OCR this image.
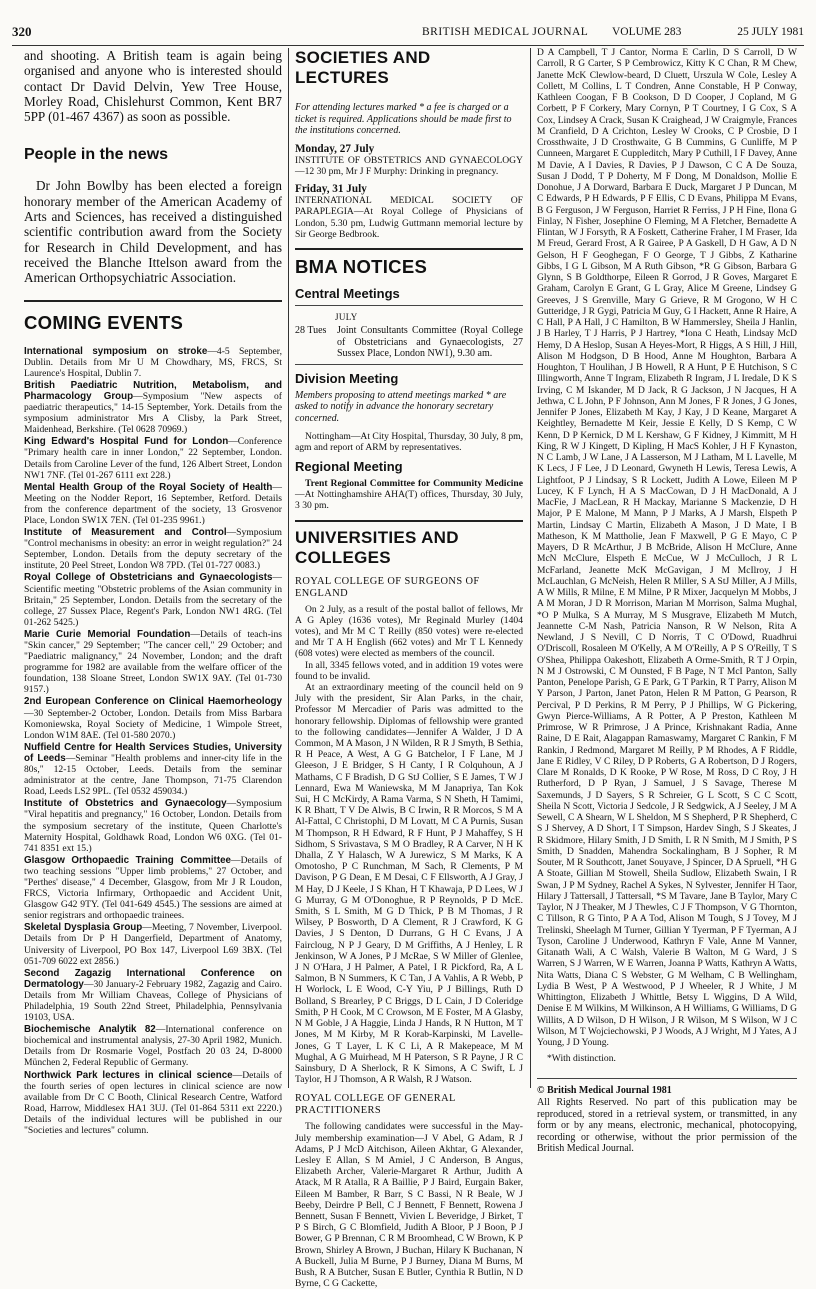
320	BRITISH MEDICAL JOURNAL VOLUME 283	25 JULY 1981

and shooting. A British team is again being organised and anyone who is interested should contact Dr David Delvin, Yew Tree House, Morley Road, Chislehurst Common, Kent BR7 5PP (01-467 4367) as soon as possible.

People in the news

Dr John Bowlby has been elected a foreign honorary member of the American Academy of Arts and Sciences, has received a distinguished scientific contribution award from the Society for Research in Child Development, and has received the Blanche Ittelson award from the American Orthopsychiatric Association.

COMING EVENTS

International symposium on stroke—4-5 September, Dublin. Details from Mr U M Chowdhary, MS, FRCS, St Laurence's Hospital, Dublin 7.

British Paediatric Nutrition, Metabolism, and Pharmacology Group—Symposium "New aspects of paediatric therapeutics," 14-15 September, York. Details from the symposium administrator Mrs A Clisby, la Park Street, Maidenhead, Berkshire. (Tel 0628 70969.)

King Edward's Hospital Fund for London—Conference "Primary health care in inner London," 22 September, London. Details from Caroline Lever of the fund, 126 Albert Street, London NW1 7NF. (Tel 01-267 6111 ext 228.)

Mental Health Group of the Royal Society of Health—Meeting on the Nodder Report, 16 September, Retford. Details from the conference department of the society, 13 Grosvenor Place, London SW1X 7EN. (Tel 01-235 9961.)

Institute of Measurement and Control—Symposium "Control mechanisms in obesity: an error in weight regulation?" 24 September, London. Details from the deputy secretary of the institute, 20 Peel Street, London W8 7PD. (Tel 01-727 0083.)

Royal College of Obstetricians and Gynaecologists—Scientific meeting "Obstetric problems of the Asian community in Britain," 25 September, London. Details from the secretary of the college, 27 Sussex Place, Regent's Park, London NW1 4RG. (Tel 01-262 5425.)

Marie Curie Memorial Foundation—Details of teach-ins "Skin cancer," 29 September; "The cancer cell," 29 October; and "Paediatric malignancy," 24 November, London; and the draft programme for 1982 are available from the welfare officer of the foundation, 138 Sloane Street, London SW1X 9AY. (Tel 01-730 9157.)

2nd European Conference on Clinical Haemorheology—30 September-2 October, London. Details from Miss Barbara Komoniewska, Royal Society of Medicine, 1 Wimpole Street, London W1M 8AE. (Tel 01-580 2070.)

Nuffield Centre for Health Services Studies, University of Leeds—Seminar "Health problems and inner-city life in the 80s," 12-15 October, Leeds. Details from the seminar administrator at the centre, Jane Thompson, 71-75 Clarendon Road, Leeds LS2 9PL. (Tel 0532 459034.)

Institute of Obstetrics and Gynaecology—Symposium "Viral hepatitis and pregnancy," 16 October, London. Details from the symposium secretary of the institute, Queen Charlotte's Maternity Hospital, Goldhawk Road, London W6 0XG. (Tel 01-741 8351 ext 15.)

Glasgow Orthopaedic Training Committee—Details of two teaching sessions "Upper limb problems," 27 October, and "Perthes' disease," 4 December, Glasgow, from Mr J R Loudon, FRCS, Victoria Infirmary, Orthopaedic and Accident Unit, Glasgow G42 9TY. (Tel 041-649 4545.) The sessions are aimed at senior registrars and orthopaedic trainees.

Skeletal Dysplasia Group—Meeting, 7 November, Liverpool. Details from Dr P H Dangerfield, Department of Anatomy, University of Liverpool, PO Box 147, Liverpool L69 3BX. (Tel 051-709 6022 ext 2856.)

Second Zagazig International Conference on Dermatology—30 January-2 February 1982, Zagazig and Cairo. Details from Mr William Chaveas, College of Physicians of Philadelphia, 19 South 22nd Street, Philadelphia, Pennsylvania 19103, USA.

Biochemische Analytik 82—International conference on biochemical and instrumental analysis, 27-30 April 1982, Munich. Details from Dr Rosmarie Vogel, Postfach 20 03 24, D-8000 München 2, Federal Republic of Germany.

Northwick Park lectures in clinical science—Details of the fourth series of open lectures in clinical science are now available from Dr C C Booth, Clinical Research Centre, Watford Road, Harrow, Middlesex HA1 3UJ. (Tel 01-864 5311 ext 2220.) Details of the individual lectures will be published in our "Societies and lectures" column.

SOCIETIES AND LECTURES

For attending lectures marked * a fee is charged or a ticket is required. Applications should be made first to the institutions concerned.

Monday, 27 July

INSTITUTE OF OBSTETRICS AND GYNAECOLOGY—12 30 pm, Mr J F Murphy: Drinking in pregnancy.

Friday, 31 July

INTERNATIONAL MEDICAL SOCIETY OF PARAPLEGIA—At Royal College of Physicians of London, 5.30 pm, Ludwig Guttmann memorial lecture by Sir George Bedbrook.

BMA NOTICES

Central Meetings

JULY

28 Tues	Joint Consultants Committee (Royal College of Obstetricians and Gynaecologists, 27 Sussex Place, London NW1), 9.30 am.

Division Meeting

Members proposing to attend meetings marked * are asked to notify in advance the honorary secretary concerned.

Nottingham—At City Hospital, Thursday, 30 July, 8 pm, agm and report of ARM by representatives.

Regional Meeting

Trent Regional Committee for Community Medicine—At Nottinghamshire AHA(T) offices, Thursday, 30 July, 3 30 pm.

UNIVERSITIES AND COLLEGES

ROYAL COLLEGE OF SURGEONS OF ENGLAND

On 2 July, as a result of the postal ballot of fellows, Mr A G Apley (1636 votes), Mr Reginald Murley (1404 votes), and Mr M C T Reilly (850 votes) were re-elected and Mr T A H English (662 votes) and Mr T L Kennedy (608 votes) were elected as members of the council.

In all, 3345 fellows voted, and in addition 19 votes were found to be invalid.

At an extraordinary meeting of the council held on 9 July with the president, Sir Alan Parks, in the chair, Professor M Mercadier of Paris was admitted to the honorary fellowship. Diplomas of fellowship were granted to the following candidates—Jennifer A Walder, J D A Common, M A Mason, J N Wilden, R R J Smyth, B Sethia, R H Peace, A West, A G G Batchelor, I F Lane, M J Gleeson, J E Bridger, S H Canty, I R Colquhoun, A J Mathams, C F Bradish, D G StJ Collier, S E James, T W J Lennard, Ewa M Waniewska, M M Janapriya, Tan Kok Sui, H C McKirdy, A Rama Varma, S N Sheth, H Tamimi, K R Bhatt, T V De Alwis, B C Irwin, R R Morcos, S M A Al-Fattal, C Christophi, D M Lovatt, M C A Purnis, Susan M Thompson, R H Edward, R F Hunt, P J Mahaffey, S H Sidhom, S Srivastava, S M O Bradley, R A Carver, N H K Dhalla, Z Y Halasch, W A Jurewicz, S M Marks, K A Omotosho, P C Runchman, M Sach, R Clements, P M Davison, P G Dean, E M Desai, C F Ellsworth, A J Gray, J M Hay, D J Keele, J S Khan, H T Khawaja, P D Lees, W J G Murray, G M O'Donoghue, R P Reynolds, P D McE. Smith, S L Smith, M G D Thick, P B M Thomas, J R Wilsey, P Bosworth, D A Clement, R J Crawford, K G Davies, J S Denton, D Durrans, G H C Evans, J A Faircloug, N P J Geary, D M Griffiths, A J Henley, L R Jenkinson, W A Jones, P J McRae, S W Miller of Glenlee, J N O'Hara, J H Palmer, A Patel, I R Pickford, Ra, A L Salmon, B N Summers, K C Tan, J A Vahlis, A R Webb, P H Worlock, L E Wood, C-Y Yiu, P J Billings, Ruth D Bolland, S Brearley, P C Briggs, D L Cain, J D Coleridge Smith, P H Cook, M C Crowson, M E Foster, M A Glasby, N M Goble, J A Haggie, Linda J Hands, R N Hutton, M T Jones, M M Kirby, M R Korab-Karpinski, M Lavelle-Jones, G T Layer, L K C Li, A R Makepeace, M M Mughal, A G Muirhead, M H Paterson, S R Payne, J R C Sainsbury, D A Sherlock, R K Simons, A C Swift, L J Taylor, H J Thomson, A R Walsh, R J Watson.

ROYAL COLLEGE OF GENERAL PRACTITIONERS

The following candidates were successful in the May-July membership examination—J V Abel, G Adam, R J Adams, P J McD Aitchison, Aileen Akhtar, G Alexander, Lesley E Allan, S M Amiel, J C Anderson, B Angus, Elizabeth Archer, Valerie-Margaret R Arthur, Judith A Atack, M R Atalla, R A Baillie, P J Baird, Eurgain Baker, Eileen M Bamber, R Barr, S C Bassi, N R Beale, W J Beeby, Deirdre P Bell, C J Bennett, F Bennett, Rowena J Bennett, Susan F Bennett, Vivien L Beveridge, J Birket, T P S Birch, G C Blomfield, Judith A Bloor, P J Boon, P J Bower, G P Brennan, C R M Broomhead, C W Brown, K P Brown, Shirley A Brown, J Buchan, Hilary K Buchanan, N A Buckell, Julia M Burne, P J Burney, Diana M Burns, M Bush, R A Butcher, Susan E Butler, Cynthia R Butlin, N D Byrne, C G Cackette,

D A Campbell, T J Cantor, Norma E Carlin, D S Carroll, D W Carroll, R G Carter, S P Cembrowicz, Kitty K C Chan, R M Chew, Janette McK Clewlow-beard, D Cluett, Urszula W Cole, Lesley A Collett, M Collins, L T Condren, Anne Constable, H P Conway, Kathleen Coogan, F B Cookson, D D Cooper, J Copland, M G Corbett, P F Corkery, Mary Cornyn, P T Courtney, I G Cox, S A Cox, Lindsey A Crack, Susan K Craighead, J W Craigmyle, Frances M Cranfield, D A Crichton, Lesley W Crooks, C P Crosbie, D I Crossthwaite, J D Crosthwaite, G B Cummins, G Cunliffe, M P Cunneen, Margaret E Cuppleditch, Mary P Cuthill, I F Davey, Anne M Davie, A I Davies, R Davies, P J Dawson, C C A De Souza, Susan J Dodd, T P Doherty, M F Dong, M Donaldson, Mollie E Donohue, J A Dorward, Barbara E Duck, Margaret J P Duncan, M C Edwards, P H Edwards, P F Ellis, C D Evans, Philippa M Evans, B G Ferguson, J W Ferguson, Harriet R Ferriss, J P H Fine, Ilona G Finlay, N Fisher, Josephine O Fleming, M A Fletcher, Bernadette A Flintan, W J Forsyth, R A Foskett, Catherine Fraher, I M Fraser, Ida M Freud, Gerard Frost, A R Gairee, P A Gaskell, D H Gaw, A D N Gelson, H F Geoghegan, F O George, T J Gibbs, Z Katharine Gibbs, I G L Gibson, M A Ruth Gibson, *R G Gibson, Barbara G Glynn, S B Goldthorpe, Eileen R Gorrod, J R Goves, Margaret E Graham, Carolyn E Grant, G L Gray, Alice M Greene, Lindsey G Greeves, J S Grenville, Mary G Grieve, R M Grogono, W H C Gutteridge, J R Gygi, Patricia M Guy, G I Hackett, Anne R Haire, A C Hall, P A Hall, J C Hamilton, B W Hammersley, Sheila J Hanlin, J B Harley, T J Harris, P J Hartrey, *Iona C Heath, Lindsay McD Hemy, D A Heslop, Susan A Heyes-Mort, R Higgs, A S Hill, J Hill, Alison M Hodgson, D B Hood, Anne M Houghton, Barbara A Houghton, T Houlihan, J B Howell, R A Hunt, P E Hutchison, S C Illingworth, Anne T Ingram, Elizabeth R Ingram, J L Iredale, D K S Irving, C M Iskander, M D Jack, R G Jackson, J N Jacques, H A Jethwa, C L John, P F Johnson, Ann M Jones, F R Jones, J G Jones, Jennifer P Jones, Elizabeth M Kay, J Kay, J D Keane, Margaret A Keightley, Bernadette M Keir, Jessie E Kelly, D S Kemp, C W Kenn, D P Kernick, D M L Kershaw, G F Kidney, J Kimmitt, M H King, R W J Kingett, D Kipling, H MacS Kohler, J H F Kynaston, N C Lamb, J W Lane, J A Lasserson, M J Latham, M L Lavelle, M K Lecs, J F Lee, J D Leonard, Gwyneth H Lewis, Teresa Lewis, A Lightfoot, P J Lindsay, S R Lockett, Judith A Lowe, Eileen M P Lucey, K F Lynch, H A S MacCowan, D J H MacDonald, A J MacFie, J MacLean, R H Mackay, Marianne S Mackenzie, D H Major, P E Malone, M Mann, P J Marks, A J Marsh, Elspeth P Martin, Lindsay C Martin, Elizabeth A Mason, J D Mate, I B Matheson, K M Mattholie, Jean F Maxwell, P G E Mayo, C P Mayers, D R McArthur, J B McBride, Alison H McClure, Anne McN McClure, Elspeth E McCue, W J McCulloch, J R L McFarland, Jeanette McK McGavigan, J M McIlroy, J H McLauchlan, G McNeish, Helen R Miller, S A StJ Miller, A J Mills, A W Mills, R Milne, E M Milne, P R Mixer, Jacquelyn M Mobbs, J A M Moran, J D R Morrison, Marian M Morrison, Salma Mughal, *O P Mulka, S A Murray, M S Musgrave, Elizabeth M Mutch, Jeannette C-M Nash, Patricia Nanson, R W Nelson, Rita A Newland, J S Nevill, C D Norris, T C O'Dowd, Ruadhrui O'Driscoll, Rosaleen M O'Kelly, A M O'Reilly, A P S O'Reilly, T S O'Shea, Philippa Oakeshott, Elizabeth A Orme-Smith, R T J Orpin, N M J Ostrowski, C M Ounsted, F B Page, N T McI Panton, Sally Panton, Penelope Parish, G E Park, G T Parkin, R T Parry, Alison M Y Parson, J Parton, Janet Paton, Helen R M Patton, G Pearson, R Percival, P D Perkins, R M Perry, P J Phillips, W G Pickering, Gwyn Pierce-Williams, A R Potter, A P Preston, Kathleen M Primrose, W R Primrose, J A Prince, Krishnakant Radia, Anne Raine, D E Rait, Alagappan Ramaswamy, Margaret C Rankin, F M Rankin, J Redmond, Margaret M Reilly, P M Rhodes, A F Riddle, Jane E Ridley, V C Riley, D P Roberts, G A Robertson, D J Rogers, Clare M Ronalds, D K Rooke, P W Rose, M Ross, D C Roy, J H Rutherford, D P Ryan, J Samuel, J S Savage, Therese M Saxemunds, J D Sayers, S R Schreier, G L Scott, S C C Scott, Sheila N Scott, Victoria J Sedcole, J R Sedgwick, A J Seeley, J M A Sewell, C A Shearn, W L Sheldon, M S Shepherd, P R Shepherd, C S J Shervey, A D Short, I T Simpson, Hardev Singh, S J Skeates, J R Skidmore, Hilary Smith, J D Smith, L R N Smith, M J Smith, P S Smith, D Snadden, Mahendra Sockalingham, B J Sopher, R M Souter, M R Southcott, Janet Souyave, J Spincer, D A Spruell, *H G A Stoate, Gillian M Stowell, Sheila Sudlow, Elizabeth Swain, I R Swan, J P M Sydney, Rachel A Sykes, N Sylvester, Jennifer H Taor, Hilary J Tattersall, J Tattersall, *S M Tavare, Jane B Taylor, Mary C Taylor, N J Theaker, M J Thewles, C J F Thompson, V G Thornton, C Tillson, R G Tinto, P A A Tod, Alison M Tough, S J Tovey, M J Trelinski, Sheelagh M Turner, Gillian Y Tyerman, P F Tyerman, A J Tyson, Caroline J Underwood, Kathryn F Vale, Anne M Vanner, Gitanath Wali, A C Walsh, Valerie B Walton, M G Ward, J S Warren, S J Warren, W E Warren, Joanna P Watts, Kathryn A Watts, Nita Watts, Diana C S Webster, G M Welham, C B Wellingham, Lydia B West, P A Westwood, P J Wheeler, R J White, J M Whittington, Elizabeth J Whittle, Betsy L Wiggins, D A Wild, Denise E M Wilkins, M Wilkinson, A H Williams, G Williams, D G Willits, A D Wilson, D H Wilson, J R Wilson, M S Wilson, W J C Wilson, M T Wojciechowski, P J Woods, A J Wright, M J Yates, A J Young, J D Young.

*With distinction.

© British Medical Journal 1981

All Rights Reserved. No part of this publication may be reproduced, stored in a retrieval system, or transmitted, in any form or by any means, electronic, mechanical, photocopying, recording or otherwise, without the prior permission of the British Medical Journal.
